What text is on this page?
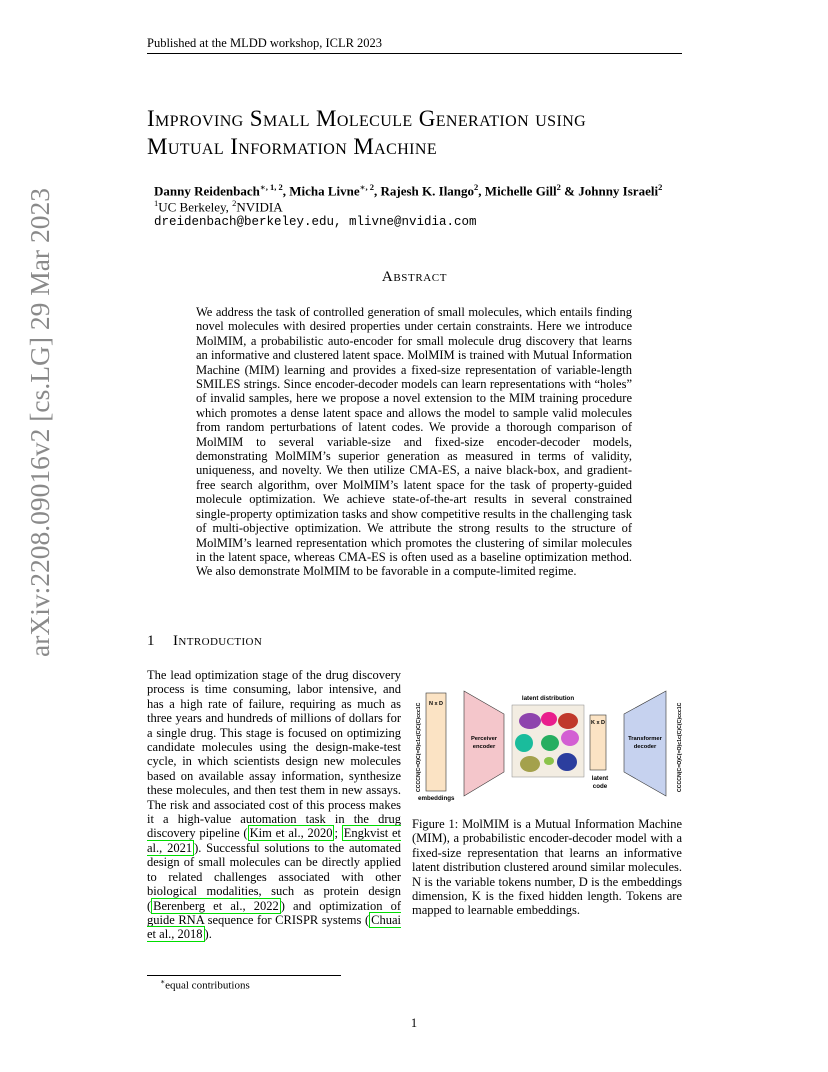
Published at the MLDD workshop, ICLR 2023
arXiv:2208.09016v2 [cs.LG] 29 Mar 2023
Improving Small Molecule Generation using
Mutual Information Machine
Danny Reidenbach$^{∗, 1, 2}$, Micha Livne$^{∗, 2}$, Rajesh K. Ilango$^2$, Michelle Gill$^2$ & Johnny Israeli$^2$
$^1$UC Berkeley, $^2$NVIDIA
dreidenbach@berkeley.edu, mlivne@nvidia.com
Abstract
We address the task of controlled generation of small molecules, which entails finding novel molecules with desired properties under certain constraints. Here we introduce MolMIM, a probabilistic auto-encoder for small molecule drug discovery that learns an informative and clustered latent space. MolMIM is trained with Mutual Information Machine (MIM) learning and provides a fixed-size representation of variable-length SMILES strings. Since encoder-decoder models can learn representations with “holes” of invalid samples, here we propose a novel extension to the MIM training procedure which promotes a dense latent space and allows the model to sample valid molecules from random perturbations of latent codes. We provide a thorough comparison of MolMIM to several variable-size and fixed-size encoder-decoder models, demonstrating MolMIM’s superior generation as measured in terms of validity, uniqueness, and novelty. We then utilize CMA-ES, a naive black-box, and gradient-free search algorithm, over MolMIM’s latent space for the task of property-guided molecule optimization. We achieve state-of-the-art results in several constrained single-property optimization tasks and show competitive results in the challenging task of multi-objective optimization. We attribute the strong results to the structure of MolMIM’s learned representation which promotes the clustering of similar molecules in the latent space, whereas CMA-ES is often used as a baseline optimization method. We also demonstrate MolMIM to be favorable in a compute-limited regime.
1 Introduction
The lead optimization stage of the drug discovery process is time consuming, labor intensive, and has a high rate of failure, requiring as much as three years and hundreds of millions of dollars for a single drug. This stage is focused on optimizing candidate molecules using the design-make-test cycle, in which scientists design new molecules based on available assay information, synthesize these molecules, and then test them in new assays. The risk and associated cost of this process makes it a high-value automation task in the drug discovery pipeline ( Kim et al., 2020 ; Engkvist et al., 2021 ). Successful solutions to the automated design of small molecules can be directly applied to related challenges associated with other biological modalities, such as protein design ( Berenberg et al., 2022 ) and optimization of guide RNA sequence for CRISPR systems ( Chuai et al., 2018 ).
CCCCN(C=O)C(=O)c1c(C)C(C)ccc1C N x D
embeddings
Perceiver
encoder
latent distribution
K x D
latent
code
Transformer
decoder	CCCCN(C=O)C(=O)c1c(C)C(C)ccc1C
Figure 1: MolMIM is a Mutual Information Machine (MIM), a probabilistic encoder-decoder model with a fixed-size representation that learns an informative latent distribution clustered around similar molecules. N is the variable tokens number, D is the embeddings dimension, K is the fixed hidden length. Tokens are mapped to learnable embeddings.
∗equal contributions
1
